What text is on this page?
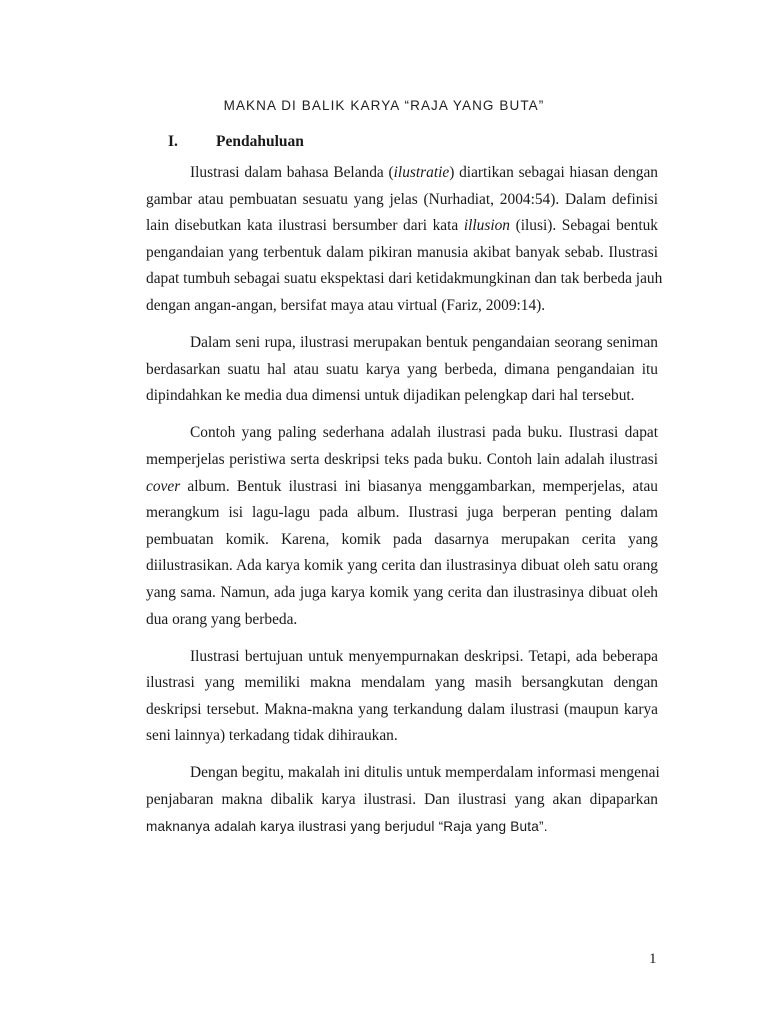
MAKNA DI BALIK KARYA “RAJA YANG BUTA”
I. Pendahuluan
Ilustrasi dalam bahasa Belanda (ilustratie) diartikan sebagai hiasan dengan
gambar atau pembuatan sesuatu yang jelas (Nurhadiat, 2004:54). Dalam definisi
lain disebutkan kata ilustrasi bersumber dari kata illusion (ilusi). Sebagai bentuk
pengandaian yang terbentuk dalam pikiran manusia akibat banyak sebab. Ilustrasi
dapat tumbuh sebagai suatu ekspektasi dari ketidakmungkinan dan tak berbeda jauh
dengan angan-angan, bersifat maya atau virtual (Fariz, 2009:14).
Dalam seni rupa, ilustrasi merupakan bentuk pengandaian seorang seniman
berdasarkan suatu hal atau suatu karya yang berbeda, dimana pengandaian itu
dipindahkan ke media dua dimensi untuk dijadikan pelengkap dari hal tersebut.
Contoh yang paling sederhana adalah ilustrasi pada buku. Ilustrasi dapat
memperjelas peristiwa serta deskripsi teks pada buku. Contoh lain adalah ilustrasi
cover album. Bentuk ilustrasi ini biasanya menggambarkan, memperjelas, atau
merangkum isi lagu-lagu pada album. Ilustrasi juga berperan penting dalam
pembuatan komik. Karena, komik pada dasarnya merupakan cerita yang
diilustrasikan. Ada karya komik yang cerita dan ilustrasinya dibuat oleh satu orang
yang sama. Namun, ada juga karya komik yang cerita dan ilustrasinya dibuat oleh
dua orang yang berbeda.
Ilustrasi bertujuan untuk menyempurnakan deskripsi. Tetapi, ada beberapa
ilustrasi yang memiliki makna mendalam yang masih bersangkutan dengan
deskripsi tersebut. Makna-makna yang terkandung dalam ilustrasi (maupun karya
seni lainnya) terkadang tidak dihiraukan.
Dengan begitu, makalah ini ditulis untuk memperdalam informasi mengenai
penjabaran makna dibalik karya ilustrasi. Dan ilustrasi yang akan dipaparkan
maknanya adalah karya ilustrasi yang berjudul “Raja yang Buta”.
1
